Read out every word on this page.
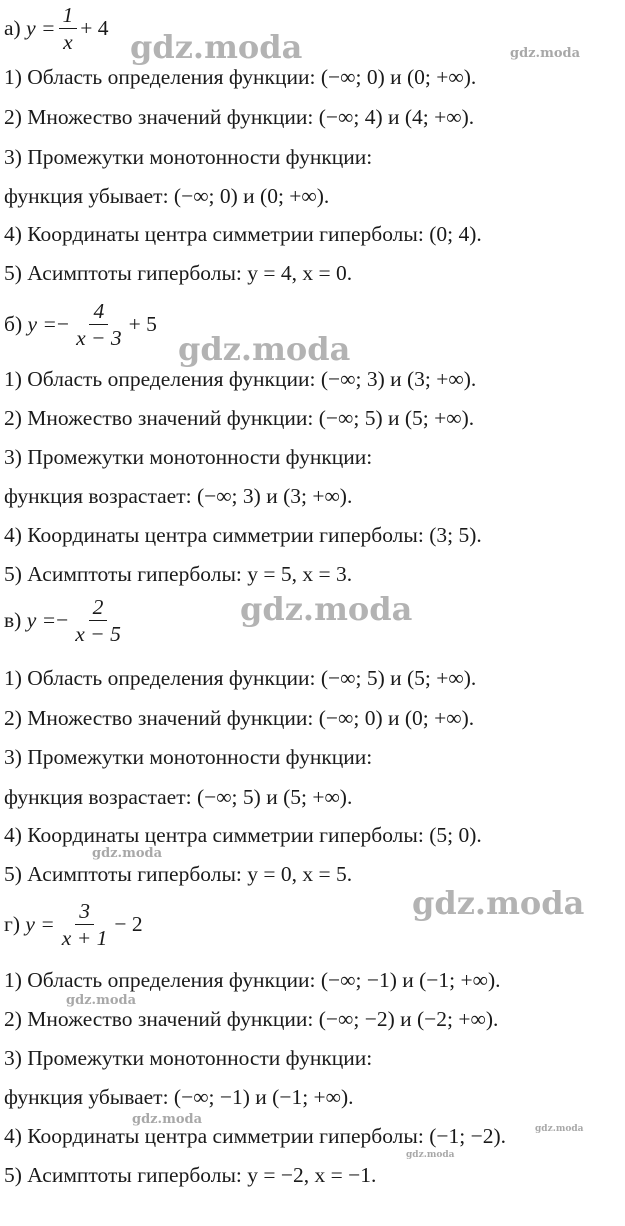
а)
$y = \frac{1}{x} + 4$
1) Область определения функции: (−∞; 0) и (0; +∞).
2) Множество значений функции: (−∞; 4) и (4; +∞).
3) Промежутки монотонности функции:
функция убывает: (−∞; 0) и (0; +∞).
4) Координаты центра симметрии гиперболы: (0; 4).
5) Асимптоты гиперболы: y = 4, x = 0.
б)
y = − $\frac{4}{x - 3} + 5$
1) Область определения функции: (−∞; 3) и (3; +∞).
2) Множество значений функции: (−∞; 5) и (5; +∞).
3) Промежутки монотонности функции:
функция возрастает: (−∞; 3) и (3; +∞).
4) Координаты центра симметрии гиперболы: (3; 5).
5) Асимптоты гиперболы: y = 5, x = 3.
в)
y = − $\frac{2}{x - 5}$
1) Область определения функции: (−∞; 5) и (5; +∞).
2) Множество значений функции: (−∞; 0) и (0; +∞).
3) Промежутки монотонности функции:
функция возрастает: (−∞; 5) и (5; +∞).
4) Координаты центра симметрии гиперболы: (5; 0).
5) Асимптоты гиперболы: y = 0, x = 5.
г)
$y = \frac{3}{x + 1} - 2$
1) Область определения функции: (−∞; −1) и (−1; +∞).
2) Множество значений функции: (−∞; −2) и (−2; +∞).
3) Промежутки монотонности функции:
функция убывает: (−∞; −1) и (−1; +∞).
4) Координаты центра симметрии гиперболы: (−1; −2).
5) Асимптоты гиперболы: y = −2, x = −1.
gdz.moda	gdz.moda
gdz.moda
gdz.moda
gdz.moda
gdz.moda
gdz.moda
gdz.moda
gdz.moda
gdz.moda
